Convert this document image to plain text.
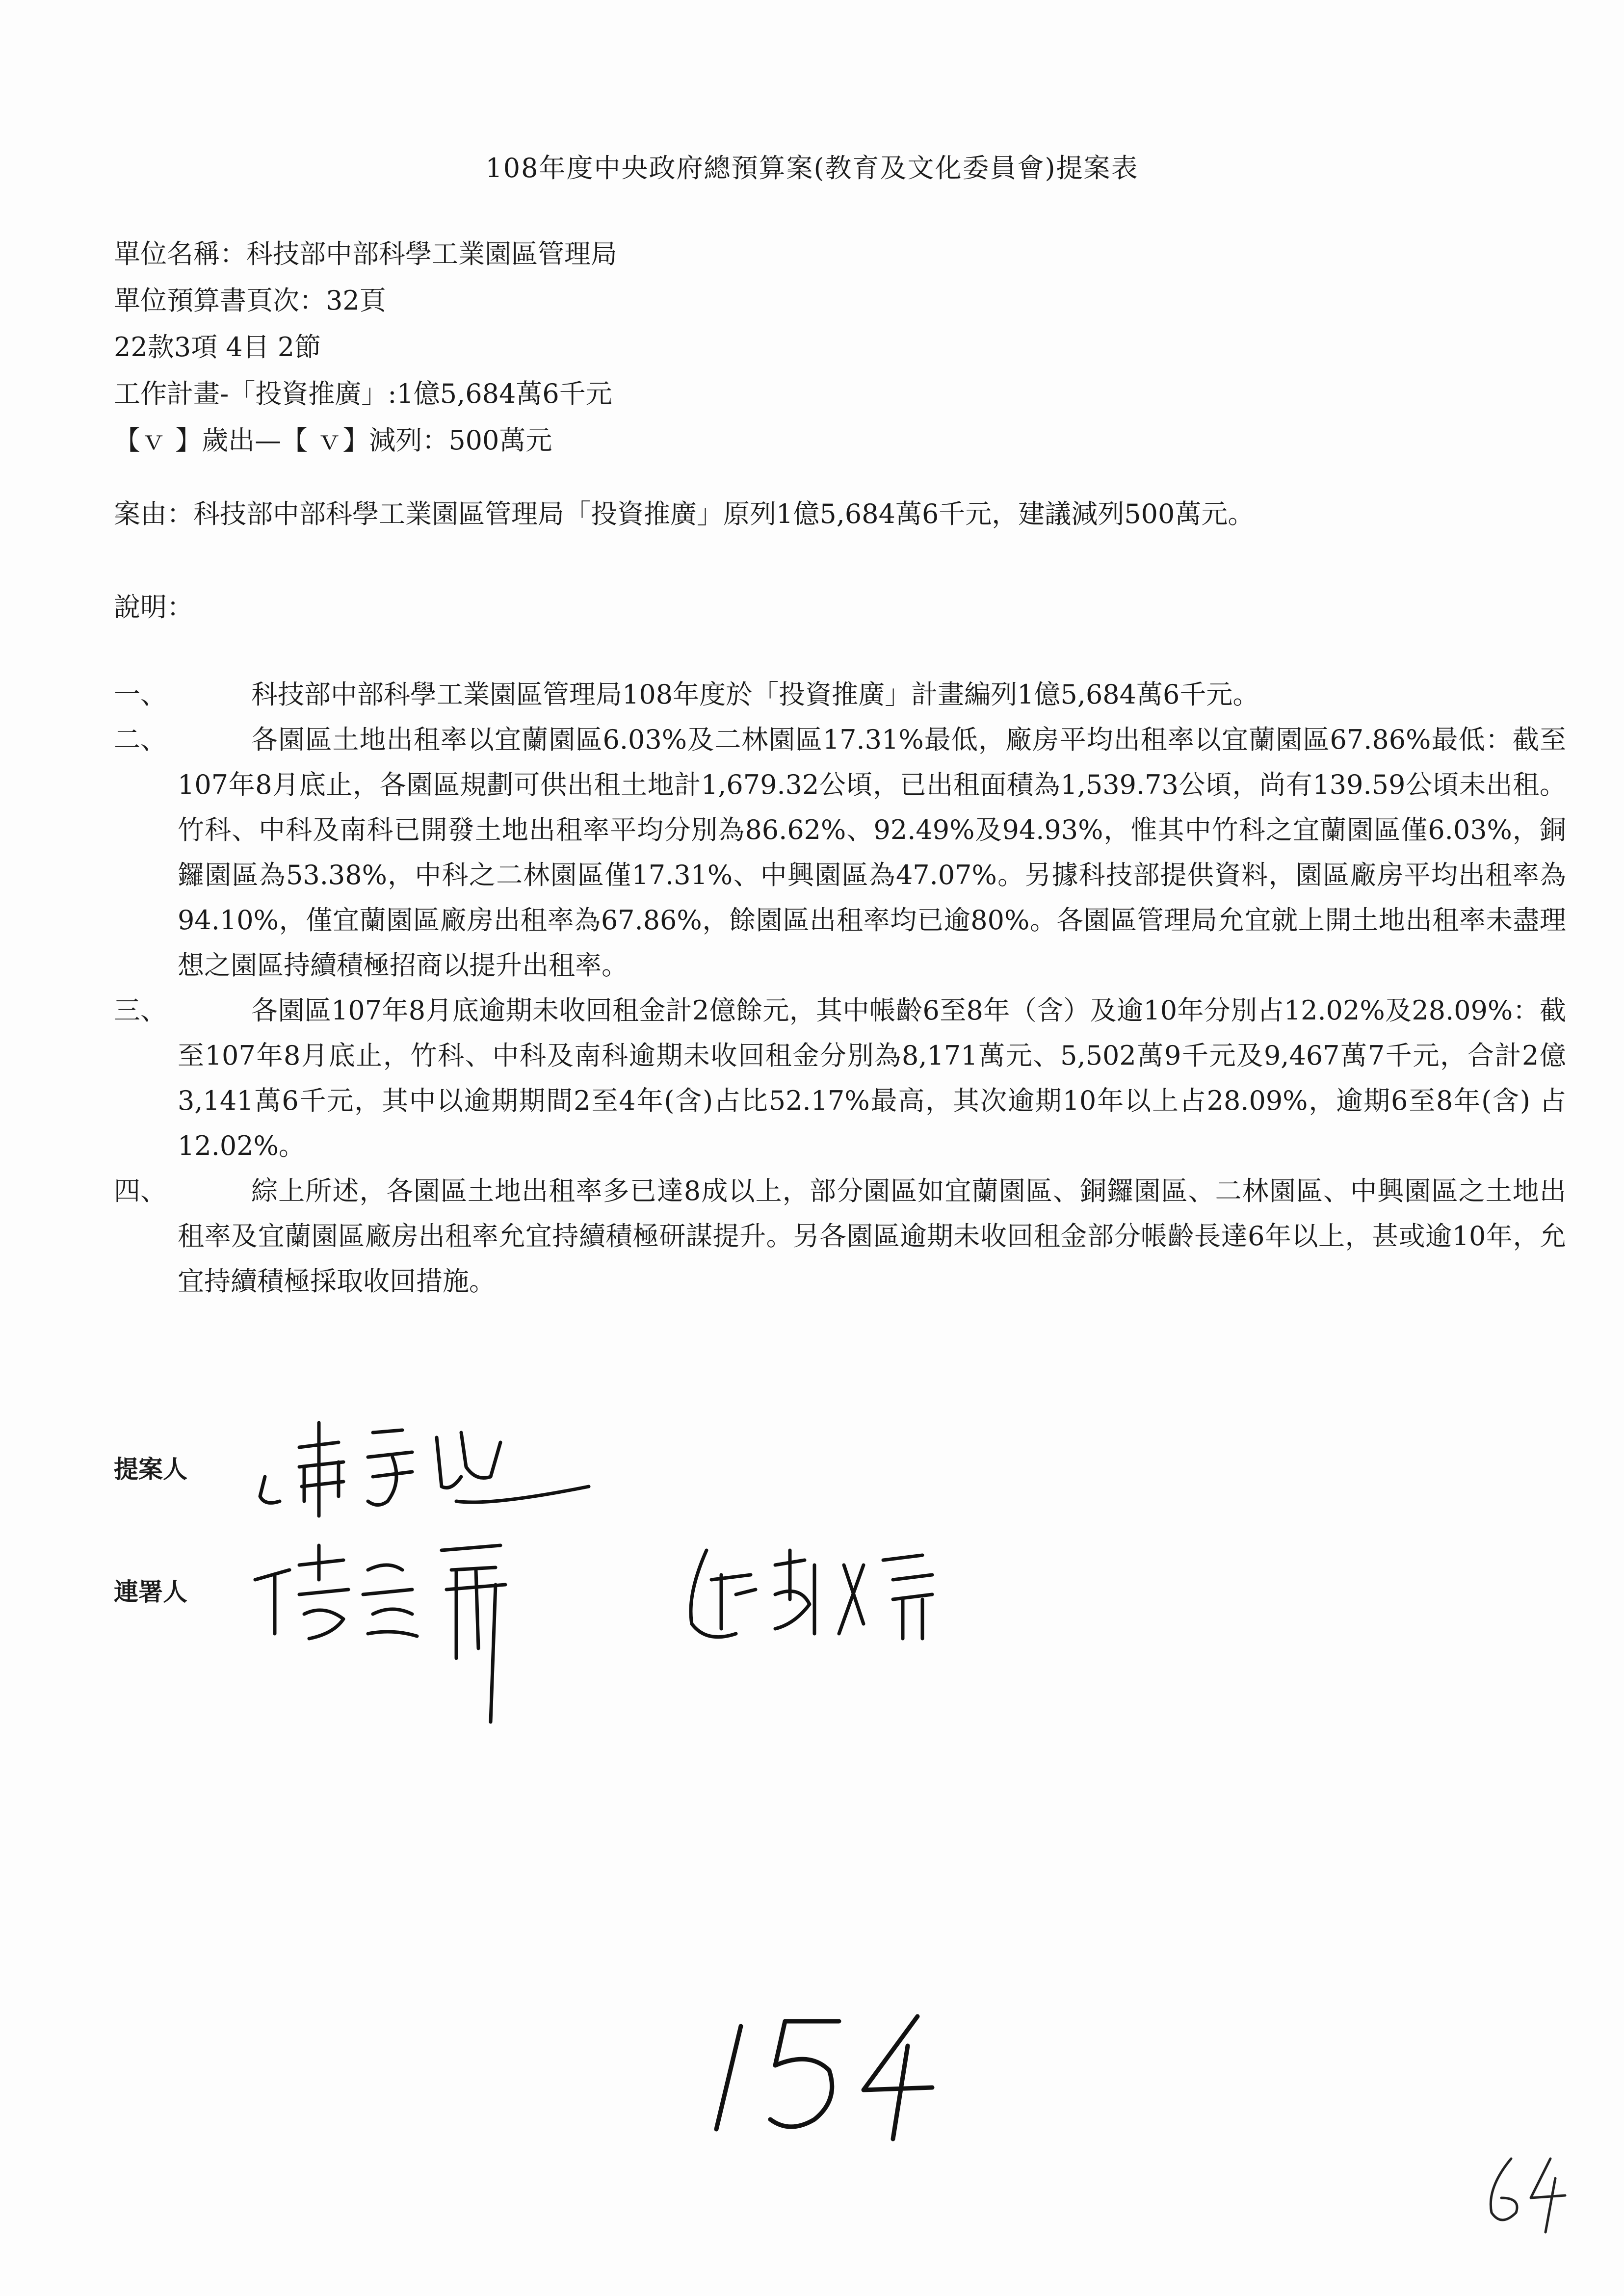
108年度中央政府總預算案(教育及文化委員會)提案表
單位名稱：科技部中部科學工業園區管理局
單位預算書頁次：32頁
22款3項 4目 2節
工作計畫-「投資推廣」:1億5,684萬6千元
【ｖ 】歲出—【 ｖ】減列：500萬元
案由：科技部中部科學工業園區管理局「投資推廣」原列1億5,684萬6千元，建議減列500萬元。
說明：
一、	科技部中部科學工業園區管理局108年度於「投資推廣」計畫編列1億5,684萬6千元。
二、	各園區土地出租率以宜蘭園區6.03%及二林園區17.31%最低，廠房平均出租率以宜蘭園區67.86%最低：截至107年8月底止，各園區規劃可供出租土地計1,679.32公頃，已出租面積為1,539.73公頃，尚有139.59公頃未出租。竹科、中科及南科已開發土地出租率平均分別為86.62%、92.49%及94.93%，惟其中竹科之宜蘭園區僅6.03%，銅鑼園區為53.38%，中科之二林園區僅17.31%、中興園區為47.07%。另據科技部提供資料，園區廠房平均出租率為94.10%，僅宜蘭園區廠房出租率為67.86%，餘園區出租率均已逾80%。各園區管理局允宜就上開土地出租率未盡理想之園區持續積極招商以提升出租率。
三、	各園區107年8月底逾期未收回租金計2億餘元，其中帳齡6至8年（含）及逾10年分別占12.02%及28.09%：截至107年8月底止，竹科、中科及南科逾期未收回租金分別為8,171萬元、5,502萬9千元及9,467萬7千元，合計2億3,141萬6千元，其中以逾期期間2至4年(含)占比52.17%最高，其次逾期10年以上占28.09%，逾期6至8年(含) 占12.02%。
四、	綜上所述，各園區土地出租率多已達8成以上，部分園區如宜蘭園區、銅鑼園區、二林園區、中興園區之土地出租率及宜蘭園區廠房出租率允宜持續積極研謀提升。另各園區逾期未收回租金部分帳齡長達6年以上，甚或逾10年，允宜持續積極採取收回措施。
提案人
連署人
